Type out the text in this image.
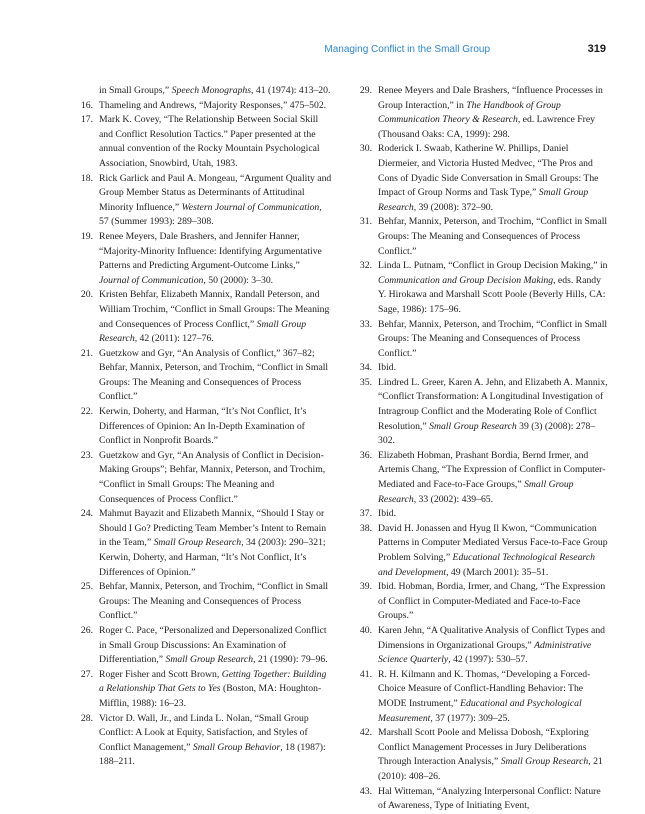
Managing Conflict in the Small Group	319
in Small Groups,” Speech Monographs, 41 (1974): 413–20.
16. Thameling and Andrews, “Majority Responses,” 475–502.
17. Mark K. Covey, “The Relationship Between Social Skill and Conflict Resolution Tactics.” Paper presented at the annual convention of the Rocky Mountain Psychological Association, Snowbird, Utah, 1983.
18. Rick Garlick and Paul A. Mongeau, “Argument Quality and Group Member Status as Determinants of Attitudinal Minority Influence,” Western Journal of Communication, 57 (Summer 1993): 289–308.
19. Renee Meyers, Dale Brashers, and Jennifer Hanner, “Majority-Minority Influence: Identifying Argumentative Patterns and Predicting Argument-Outcome Links,” Journal of Communication, 50 (2000): 3–30.
20. Kristen Behfar, Elizabeth Mannix, Randall Peterson, and William Trochim, “Conflict in Small Groups: The Meaning and Consequences of Process Conflict,” Small Group Research, 42 (2011): 127–76.
21. Guetzkow and Gyr, “An Analysis of Conflict,” 367–82; Behfar, Mannix, Peterson, and Trochim, “Conflict in Small Groups: The Meaning and Consequences of Process Conflict.”
22. Kerwin, Doherty, and Harman, “It’s Not Conflict, It’s Differences of Opinion: An In-Depth Examination of Conflict in Nonprofit Boards.”
23. Guetzkow and Gyr, “An Analysis of Conflict in Decision-Making Groups”; Behfar, Mannix, Peterson, and Trochim, “Conflict in Small Groups: The Meaning and Consequences of Process Conflict.”
24. Mahmut Bayazit and Elizabeth Mannix, “Should I Stay or Should I Go? Predicting Team Member’s Intent to Remain in the Team,” Small Group Research, 34 (2003): 290–321; Kerwin, Doherty, and Harman, “It’s Not Conflict, It’s Differences of Opinion.”
25. Behfar, Mannix, Peterson, and Trochim, “Conflict in Small Groups: The Meaning and Consequences of Process Conflict.”
26. Roger C. Pace, “Personalized and Depersonalized Conflict in Small Group Discussions: An Examination of Differentiation,” Small Group Research, 21 (1990): 79–96.
27. Roger Fisher and Scott Brown, Getting Together: Building a Relationship That Gets to Yes (Boston, MA: Houghton-Mifflin, 1988): 16–23.
28. Victor D. Wall, Jr., and Linda L. Nolan, “Small Group Conflict: A Look at Equity, Satisfaction, and Styles of Conflict Management,” Small Group Behavior, 18 (1987): 188–211.
29. Renee Meyers and Dale Brashers, “Influence Processes in Group Interaction,” in The Handbook of Group Communication Theory & Research, ed. Lawrence Frey (Thousand Oaks: CA, 1999): 298.
30. Roderick I. Swaab, Katherine W. Phillips, Daniel Diermeier, and Victoria Husted Medvec, “The Pros and Cons of Dyadic Side Conversation in Small Groups: The Impact of Group Norms and Task Type,” Small Group Research, 39 (2008): 372–90.
31. Behfar, Mannix, Peterson, and Trochim, “Conflict in Small Groups: The Meaning and Consequences of Process Conflict.”
32. Linda L. Putnam, “Conflict in Group Decision Making,” in Communication and Group Decision Making, eds. Randy Y. Hirokawa and Marshall Scott Poole (Beverly Hills, CA: Sage, 1986): 175–96.
33. Behfar, Mannix, Peterson, and Trochim, “Conflict in Small Groups: The Meaning and Consequences of Process Conflict.”
34. Ibid.
35. Lindred L. Greer, Karen A. Jehn, and Elizabeth A. Mannix, “Conflict Transformation: A Longitudinal Investigation of Intragroup Conflict and the Moderating Role of Conflict Resolution,” Small Group Research 39 (3) (2008): 278–302.
36. Elizabeth Hobman, Prashant Bordia, Bernd Irmer, and Artemis Chang, “The Expression of Conflict in Computer-Mediated and Face-to-Face Groups,” Small Group Research, 33 (2002): 439–65.
37. Ibid.
38. David H. Jonassen and Hyug Il Kwon, “Communication Patterns in Computer Mediated Versus Face-to-Face Group Problem Solving,” Educational Technological Research and Development, 49 (March 2001): 35–51.
39. Ibid. Hobman, Bordia, Irmer, and Chang, “The Expression of Conflict in Computer-Mediated and Face-to-Face Groups.”
40. Karen Jehn, “A Qualitative Analysis of Conflict Types and Dimensions in Organizational Groups,” Administrative Science Quarterly, 42 (1997): 530–57.
41. R. H. Kilmann and K. Thomas, “Developing a Forced-Choice Measure of Conflict-Handling Behavior: The MODE Instrument,” Educational and Psychological Measurement, 37 (1977): 309–25.
42. Marshall Scott Poole and Melissa Dobosh, “Exploring Conflict Management Processes in Jury Deliberations Through Interaction Analysis,” Small Group Research, 21 (2010): 408–26.
43. Hal Witteman, “Analyzing Interpersonal Conflict: Nature of Awareness, Type of Initiating Event,
